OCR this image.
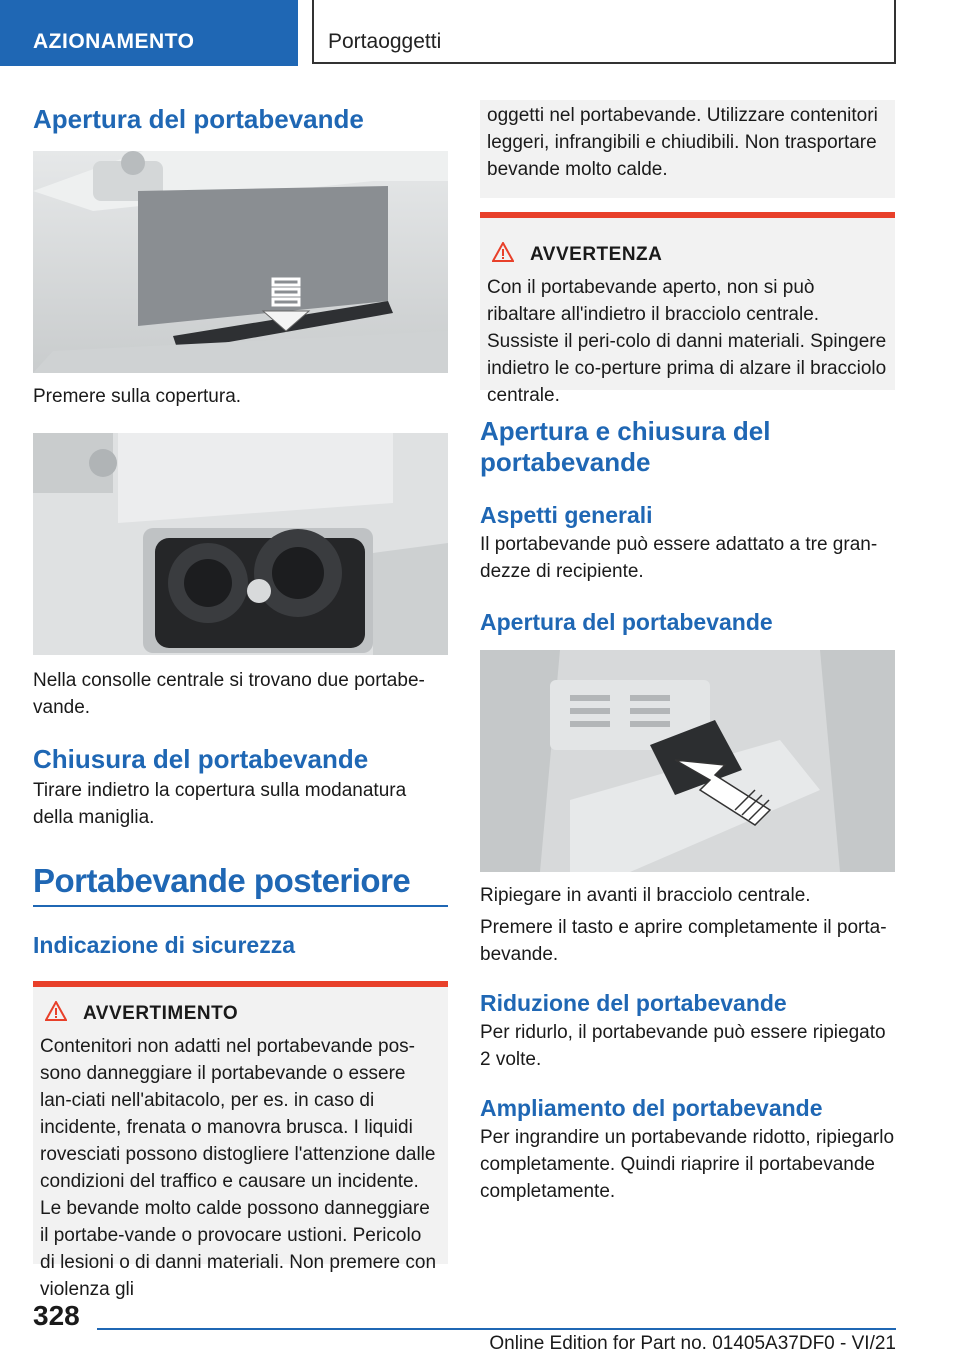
AZIONAMENTO	Portaoggetti
Apertura del portabevande

Premere sulla copertura.

Nella consolle centrale si trovano due portabe-vande.

Chiusura del portabevande

Tirare indietro la copertura sulla modanatura della maniglia.

Portabevande posteriore
Indicazione di sicurezza
AVVERTIMENTO

Contenitori non adatti nel portabevande pos-sono danneggiare il portabevande o essere lan-ciati nell'abitacolo, per es. in caso di incidente, frenata o manovra brusca. I liquidi rovesciati possono distogliere l'attenzione dalle condizioni del traffico e causare un incidente. Le bevande molto calde possono danneggiare il portabe-vande o provocare ustioni. Pericolo di lesioni o di danni materiali. Non premere con violenza gli

oggetti nel portabevande. Utilizzare contenitori leggeri, infrangibili e chiudibili. Non trasportare bevande molto calde.

AVVERTENZA

Con il portabevande aperto, non si può ribaltare all'indietro il bracciolo centrale. Sussiste il peri-colo di danni materiali. Spingere indietro le co-perture prima di alzare il bracciolo centrale.

Apertura e chiusura del portabevande
Aspetti generali

Il portabevande può essere adattato a tre gran-dezze di recipiente.

Apertura del portabevande

Ripiegare in avanti il bracciolo centrale.

Premere il tasto e aprire completamente il porta-bevande.

Riduzione del portabevande

Per ridurlo, il portabevande può essere ripiegato 2 volte.

Ampliamento del portabevande

Per ingrandire un portabevande ridotto, ripiegarlo completamente. Quindi riaprire il portabevande completamente.

328
Online Edition for Part no. 01405A37DF0 - VI/21
